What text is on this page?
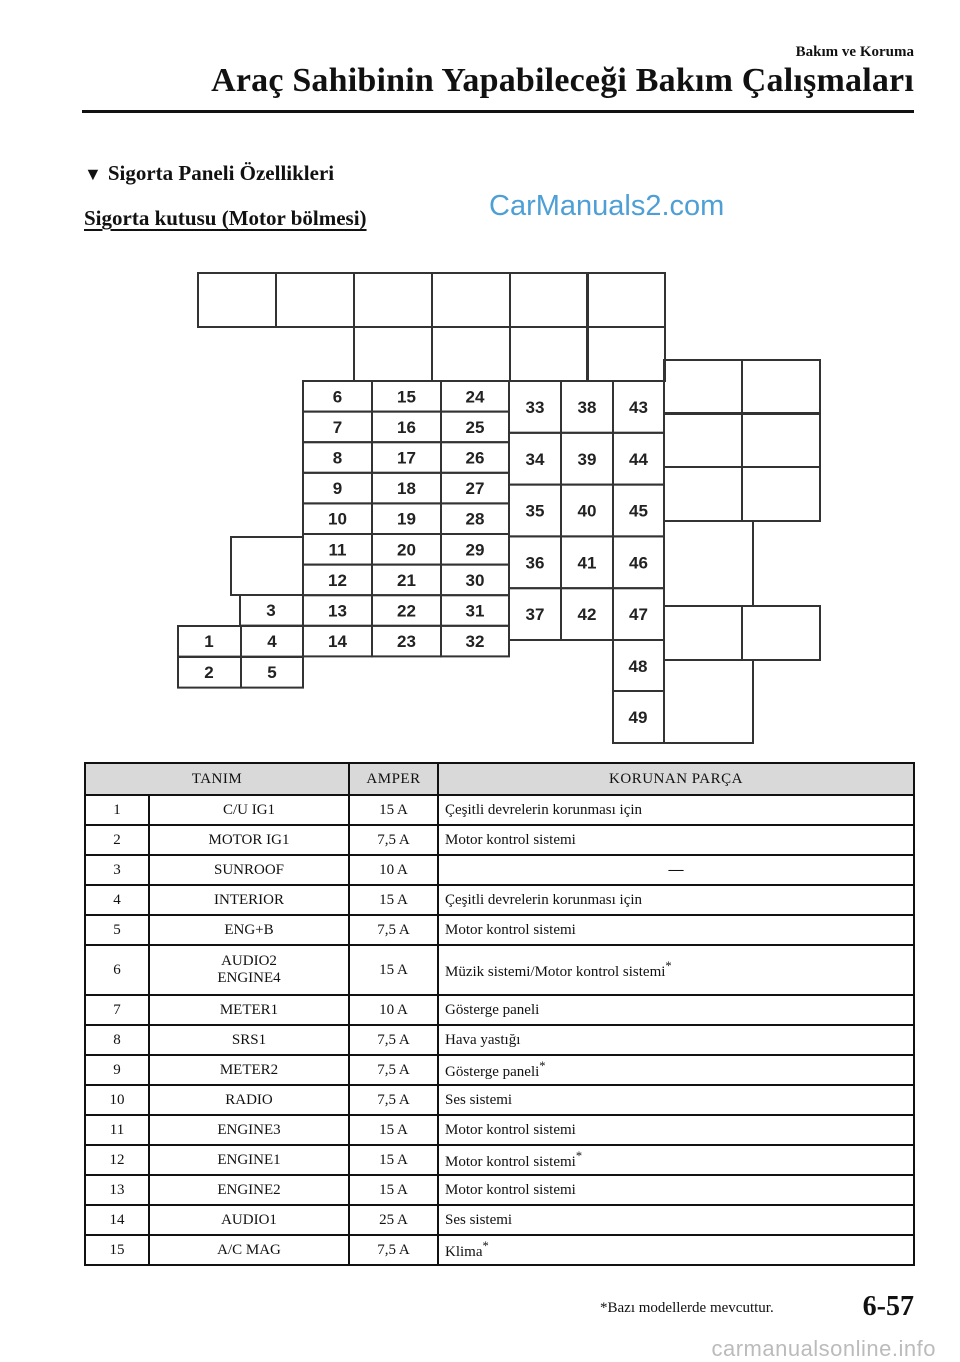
Bakım ve Koruma
Araç Sahibinin Yapabileceği Bakım Çalışmaları
▼ Sigorta Paneli Özellikleri
Sigorta kutusu (Motor bölmesi)	CarManuals2.com
6
7
8
9
10
11
12
13
14
15
16
17
18
19
20
21
22
23
24
25
26
27
28
29
30
31
32
3
1	4
2	5
33
34
35
36
37
38
39
40
41
42
43
44
45
46
47
48
49
TANIM		AMPER	KORUNAN PARÇA
1	C/U IG1	15 A	Çeşitli devrelerin korunması için
2	MOTOR IG1	7,5 A	Motor kontrol sistemi
3	SUNROOF	10 A	—
4	INTERIOR	15 A	Çeşitli devrelerin korunması için
5	ENG+B	7,5 A	Motor kontrol sistemi
6	AUDIO2
ENGINE4	15 A	Müzik sistemi/Motor kontrol sistemi*
7	METER1	10 A	Gösterge paneli
8	SRS1	7,5 A	Hava yastığı
9	METER2	7,5 A	Gösterge paneli*
10	RADIO	7,5 A	Ses sistemi
11	ENGINE3	15 A	Motor kontrol sistemi
12	ENGINE1	15 A	Motor kontrol sistemi*
13	ENGINE2	15 A	Motor kontrol sistemi
14	AUDIO1	25 A	Ses sistemi
15	A/C MAG	7,5 A	Klima*
*Bazı modellerde mevcuttur.	6-57
carmanualsonline.info
